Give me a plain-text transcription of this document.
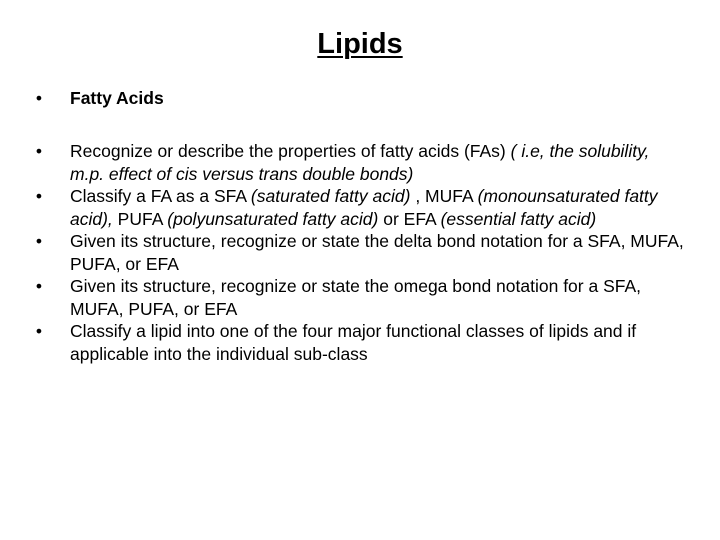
Lipids
• Fatty Acids
• Recognize or describe the properties of fatty acids (FAs) ( i.e, the solubility, m.p. effect of cis versus trans double bonds)
• Classify a FA as a SFA (saturated fatty acid) , MUFA (monounsaturated fatty acid), PUFA (polyunsaturated fatty acid) or EFA (essential fatty acid)
• Given its structure, recognize or state the delta bond notation for a SFA, MUFA, PUFA, or EFA
• Given its structure, recognize or state the omega bond notation for a SFA, MUFA, PUFA, or EFA
• Classify a lipid into one of the four major functional classes of lipids and if applicable into the individual sub-class
